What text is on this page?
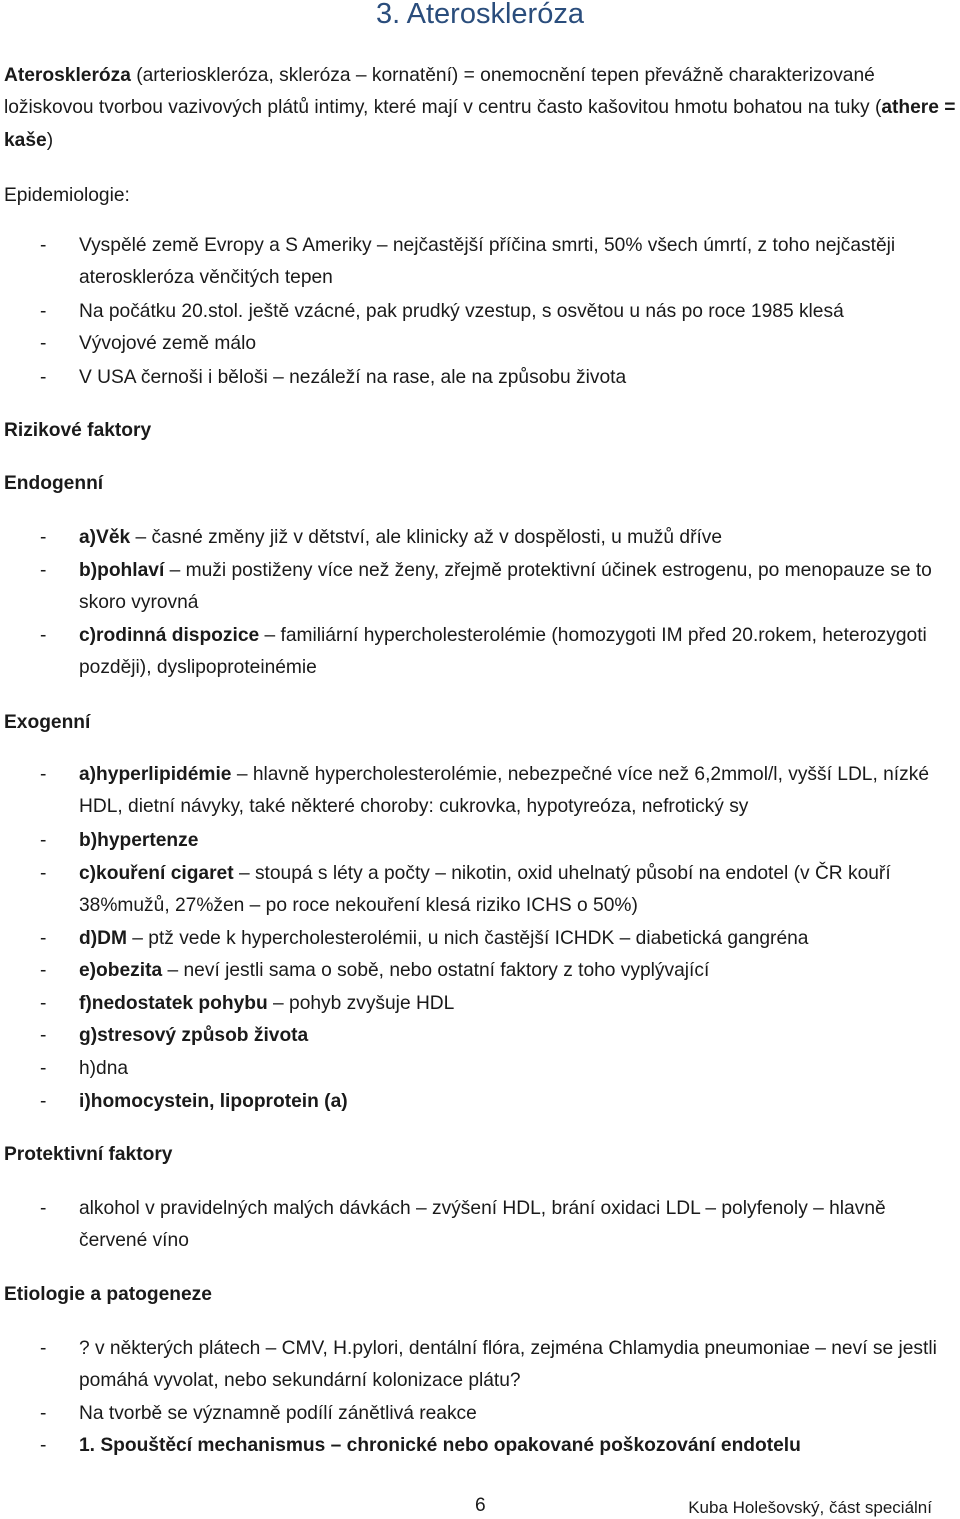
3. Ateroskleróza

Ateroskleróza (arterioskleróza, skleróza – kornatění) = onemocnění tepen převážně charakterizované ložiskovou tvorbou vazivových plátů intimy, které mají v centru často kašovitou hmotu bohatou na tuky (athere = kaše)

Epidemiologie:

-	Vyspělé země Evropy a S Ameriky – nejčastější příčina smrti, 50% všech úmrtí, z toho nejčastěji ateroskleróza věnčitých tepen
-	Na počátku 20.stol. ještě vzácné, pak prudký vzestup, s osvětou u nás po roce 1985 klesá
-	Vývojové země málo
-	V USA černoši i běloši – nezáleží na rase, ale na způsobu života

Rizikové faktory

Endogenní

-	a)Věk – časné změny již v dětství, ale klinicky až v dospělosti, u mužů dříve
-	b)pohlaví – muži postiženy více než ženy, zřejmě protektivní účinek estrogenu, po menopauze se to skoro vyrovná
-	c)rodinná dispozice – familiární hypercholesterolémie (homozygoti IM před 20.rokem, heterozygoti později), dyslipoproteinémie

Exogenní

-	a)hyperlipidémie – hlavně hypercholesterolémie, nebezpečné více než 6,2mmol/l, vyšší LDL, nízké HDL, dietní návyky, také některé choroby: cukrovka, hypotyreóza, nefrotický sy
-	b)hypertenze
-	c)kouření cigaret – stoupá s léty a počty – nikotin, oxid uhelnatý působí na endotel (v ČR kouří 38%mužů, 27%žen – po roce nekouření klesá riziko ICHS o 50%)
-	d)DM – ptž vede k hypercholesterolémii, u nich častější ICHDK – diabetická gangréna
-	e)obezita – neví jestli sama o sobě, nebo ostatní faktory z toho vyplývající
-	f)nedostatek pohybu – pohyb zvyšuje HDL
-	g)stresový způsob života
-	h)dna
-	i)homocystein, lipoprotein (a)

Protektivní faktory

-	alkohol v pravidelných malých dávkách – zvýšení HDL, brání oxidaci LDL – polyfenoly – hlavně červené víno

Etiologie a patogeneze

-	? v některých plátech – CMV, H.pylori, dentální flóra, zejména Chlamydia pneumoniae – neví se jestli pomáhá vyvolat, nebo sekundární kolonizace plátu?
-	Na tvorbě se významně podílí zánětlivá reakce
-	1. Spouštěcí mechanismus – chronické nebo opakované poškozování endotelu
6	Kuba Holešovský, část speciální
